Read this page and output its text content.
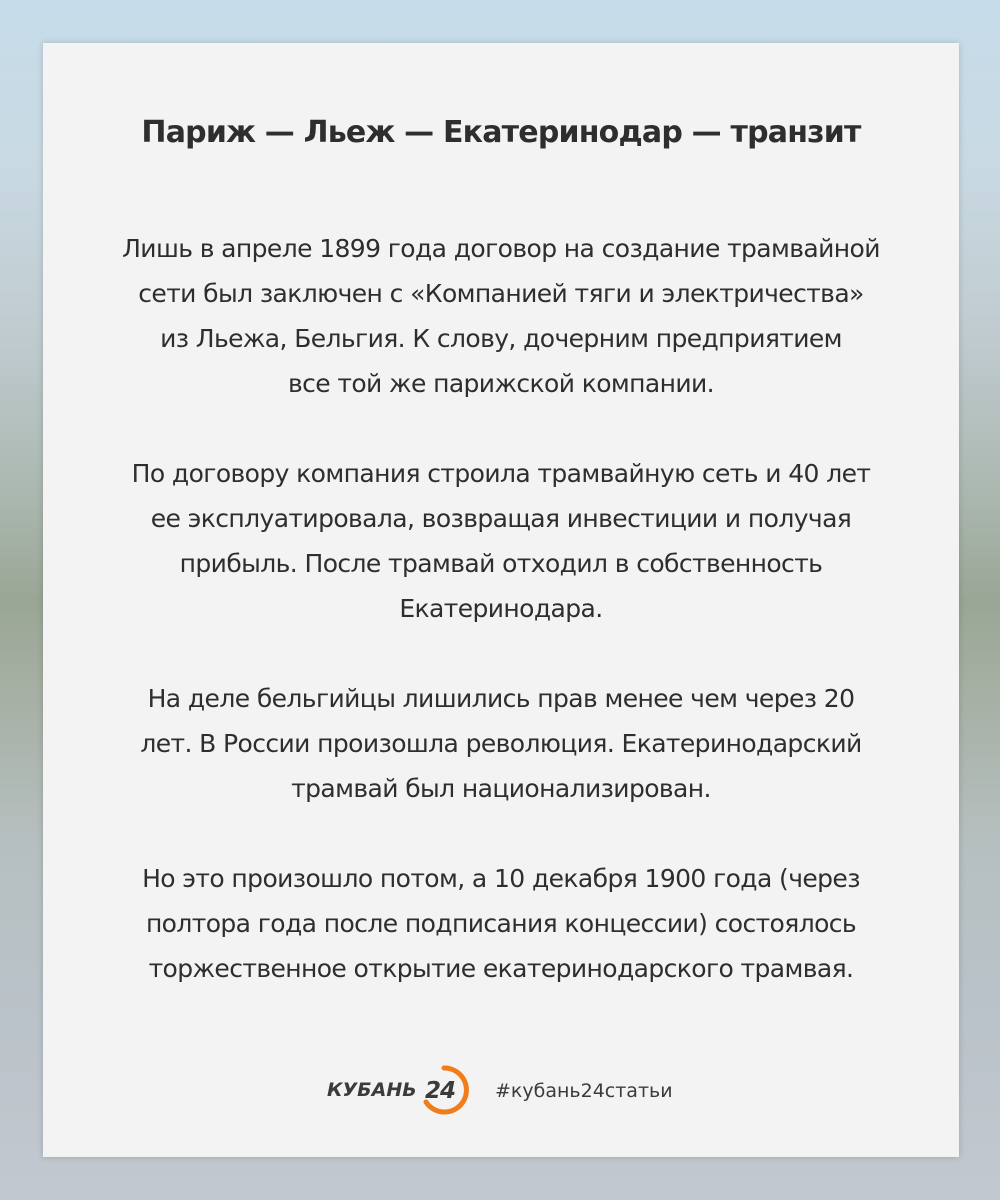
Париж — Льеж — Екатеринодар — транзит

Лишь в апреле 1899 года договор на создание трамвайной
сети был заключен с «Компанией тяги и электричества»
из Льежа, Бельгия. К слову, дочерним предприятием
все той же парижской компании.

По договору компания строила трамвайную сеть и 40 лет
ее эксплуатировала, возвращая инвестиции и получая
прибыль. После трамвай отходил в собственность
Екатеринодара.

На деле бельгийцы лишились прав менее чем через 20
лет. В России произошла революция. Екатеринодарский
трамвай был национализирован.

Но это произошло потом, а 10 декабря 1900 года (через
полтора года после подписания концессии) состоялось
торжественное открытие екатеринодарского трамвая.

КУБАНЬ 24 #кубань24статьи
